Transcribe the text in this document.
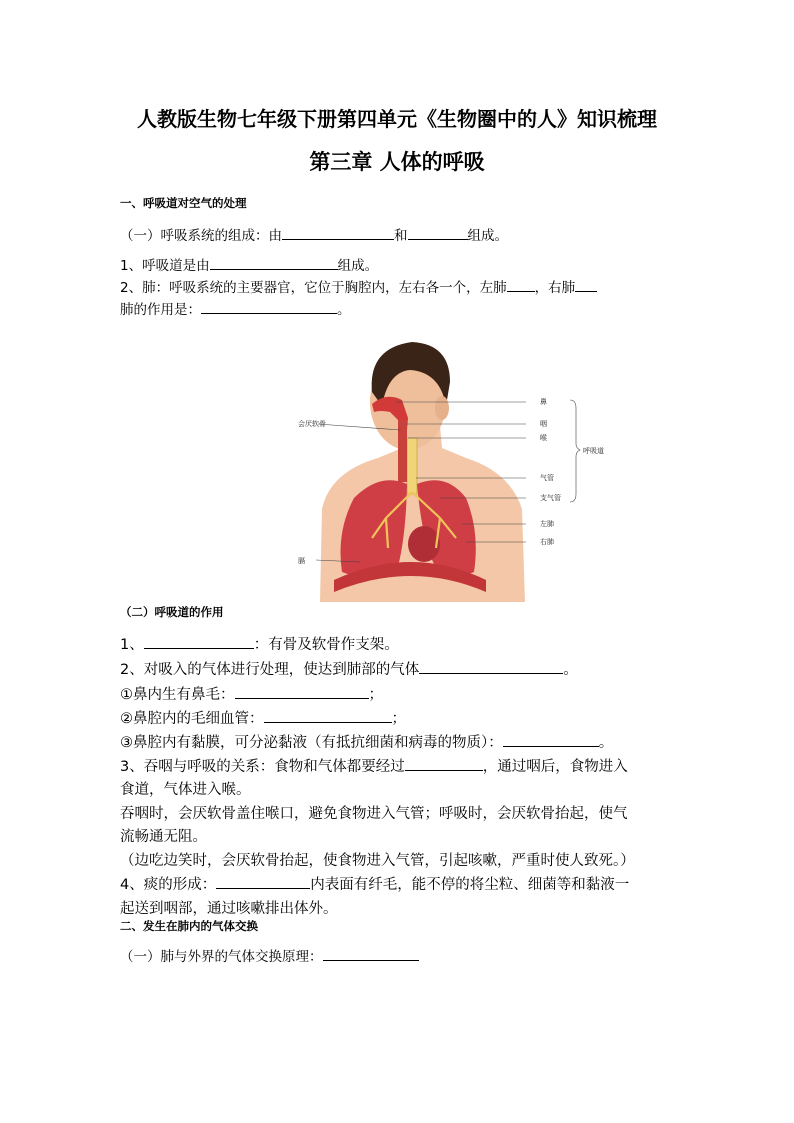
人教版生物七年级下册第四单元《生物圈中的人》知识梳理
第三章 人体的呼吸
一、呼吸道对空气的处理
（一）呼吸系统的组成：由	和	组成。
1、呼吸道是由	组成。
2、肺：呼吸系统的主要器官，它位于胸腔内，左右各一个，左肺 ，右肺
肺的作用是：	。
会厌软骨
鼻
咽
喉
气管
支气管
左肺
右肺
膈
呼吸道
（二）呼吸道的作用
1、	：有骨及软骨作支架。
2、对吸入的气体进行处理，使达到肺部的气体	。
①鼻内生有鼻毛：	；
②鼻腔内的毛细血管：	；
③鼻腔内有黏膜，可分泌黏液（有抵抗细菌和病毒的物质）：	。
3、吞咽与呼吸的关系：食物和气体都要经过	，通过咽后，食物进入
食道，气体进入喉。
吞咽时，会厌软骨盖住喉口，避免食物进入气管；呼吸时，会厌软骨抬起，使气
流畅通无阻。
（边吃边笑时，会厌软骨抬起，使食物进入气管，引起咳嗽，严重时使人致死。）
4、痰的形成：	内表面有纤毛，能不停的将尘粒、细菌等和黏液一
起送到咽部，通过咳嗽排出体外。
二、发生在肺内的气体交换
（一）肺与外界的气体交换原理：
